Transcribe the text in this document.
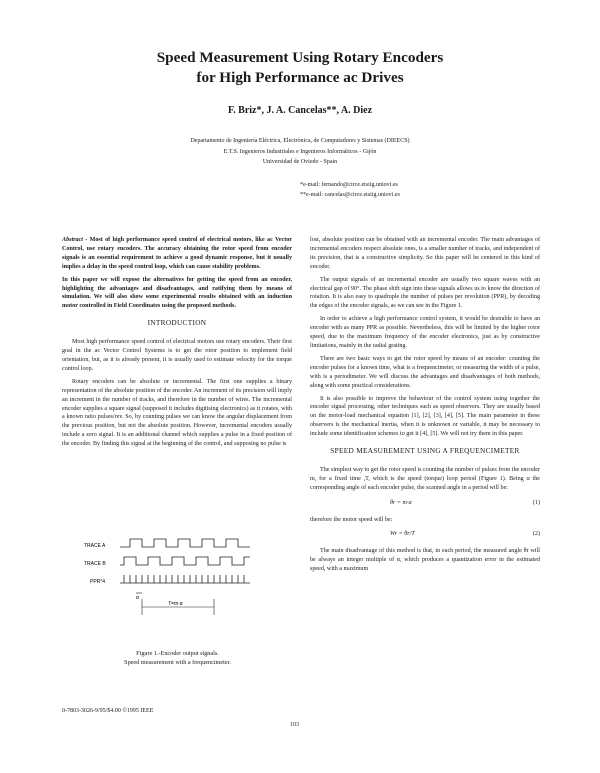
Speed Measurement Using Rotary Encoders
for High Performance ac Drives
F. Briz*, J. A. Cancelas**, A. Diez
Departamento de Ingeniería Eléctrica, Electrónica, de Computadores y Sistemas (DIEECS)
E.T.S. Ingenieros Industriales e Ingenieros Informáticos - Gijón
Universidad de Oviedo - Spain
*e-mail: fernando@circe.etsiig.uniovi.es
**e-mail: cancelas@circe.etsiig.uniovi.es

Abstract - Most of high performance speed control of electrical motors, like ac Vector Control, use rotary encoders. The accuracy obtaining the rotor speed from encoder signals is an essential requirement to achieve a good dynamic response, but it usually implies a delay in the speed control loop, which can cause stability problems.

In this paper we will expose the alternatives for getting the speed from an encoder, highlighting the advantages and disadvantages, and ratifying them by means of simulation. We will also show some experimental results obtained with an induction motor controlled in Field Coordinates using the proposed methods.

INTRODUCTION

Most high performance speed control of electrical motors use rotary encoders. Their first goal in the ac Vector Control Systems is to get the rotor position to implement field orientation, but, as it is already present, it is usually used to estimate velocity for the torque control loop.

Rotary encoders can be absolute or incremental. The first one supplies a binary representation of the absolute position of the encoder. An increment of its precision will imply an increment in the number of tracks, and therefore in the number of wires. The incremental encoder supplies a square signal (supposed it includes digitising electronics) as it rotates, with a known ratio pulses/rev. So, by counting pulses we can know the angular displacement from the previous position, but not the absolute position. However, incremental encoders usually include a zero signal. It is an additional channel which supplies a pulse in a fixed position of the encoder. By finding this signal at the beginning of the control, and supposing no pulse is

TRACE A
TRACE B
PPR*4
α
T=m·α
Figure 1.-Encoder output signals.
Speed measurement with a frequencimeter.

lost, absolute position can be obtained with an incremental encoder. The main advantages of incremental encoders respect absolute ones, is a smaller number of tracks, and independent of its precision, that is a constructive simplicity. So this paper will be centered in this kind of encoder.

The output signals of an incremental encoder are usually two square waves with an electrical gap of 90°. The phase shift sign into these signals allows us to know the direction of rotation. It is also easy to quadruple the number of pulses per revolution (PPR), by decoding the edges of the encoder signals, as we can see in the Figure 1.

In order to achieve a high performance control system, it would be desirable to have an encoder with as many PPR as possible. Nevertheless, this will be limited by the higher rotor speed, due to the maximum frequency of the encoder electronics, just as by constructive limitations, mainly in the radial grating.

There are two basic ways to get the rotor speed by means of an encoder: counting the encoder pulses for a known time, what is a frequencimeter, or measuring the width of a pulse, with is a periodimeter. We will discuss the advantages and disadvantages of both methods, along with some practical considerations.

It is also possible to improve the behaviour of the control system using together the encoder signal processing, other techniques such as speed observers. They are usually based on the motor-load mechanical equation [1], [2], [3], [4], [5]. The main parameter in these observers is the mechanical inertia, when it is unknown or variable, it may be necessary to include some identification schemes to get it [4], [5]. We will not try them in this paper.

SPEED MEASUREMENT USING A FREQUENCIMETER

The simplest way to get the rotor speed is counting the number of pulses from the encoder m, for a fixed time ,T, which is the speed (torque) loop period (Figure 1). Being α the corresponding angle of each encoder pulse, the scanned angle in a period will be:

θr = m·α	(1)

therefore the motor speed will be:

Wr = θr/T	(2)

The main disadvantage of this method is that, in each period, the measured angle θr will be always an integer multiple of α, which produces a quantization error in the estimated speed, with a maximum

0-7803-3026-9/95/$4.00 ©1995 IEEE
103
